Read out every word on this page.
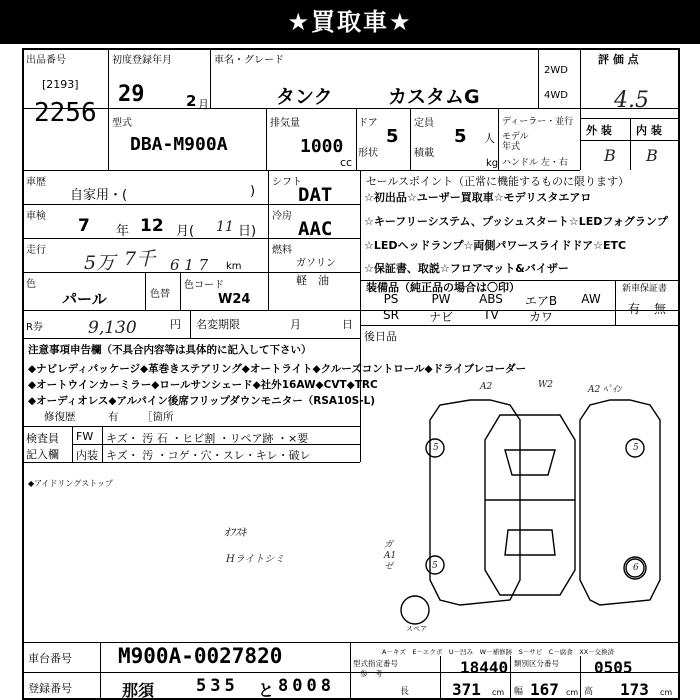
★買取車★
出品番号
[2193]
2256
初度登録年月
29	2 月
車名・グレード
タンク	カスタムG
2WD
4WD
評 価 点
4.5
型式
DBA-M900A
排気量
1000
cc
ドア
5
形状
定員
5 人
積載
kg
ディーラー・並行
モデル 年式
ハンドル 左・右
外 装 内 装
B B
車歴
自家用・(	)
シフト
DAT
セールスポイント（正常に機能するものに限ります）
☆初出品☆ユーザー買取車☆モデリスタエアロ
☆キーフリーシステム、プッシュスタート☆LEDフォグランプ
☆LEDヘッドランプ☆両側パワースライドドア☆ETC
☆保証書、取説☆フロアマット&バイザー
車検 7 年 12 月( 11 日)
冷房
AAC
走行
5万 7千 6 1 7 km
燃料
ガソリン
軽　油
色
パール	色替
色コード
W24
装備品（純正品の場合は〇印）
PS	PW	ABS	エアB	AW
SR	ナビ	TV	カワ
新車保証書
有 無
R券	9,130	円 名変期限	月	日
後日品
注意事項申告欄（不具合内容等は具体的に記入して下さい）
◆ナビレディパッケージ◆革巻きステアリング◆オートライト◆クルーズコントロール◆ドライブレコーダー
◆オートウインカーミラー◆ロールサンシェード◆社外16AW◆CVT◆TRC
◆オーディオレス◆アルパイン後席フリップダウンモニター（RSA10S-L)
修復歴	有 ［箇所
検査員
記入欄
FW キズ・ 汚 石 ・ヒビ割 ・リペア跡 ・×要
内装 キズ・ 汚 ・コゲ・穴・スレ・キレ・破レ
◆アイドリングストップ
ｵﾌｽｷ
Hライトシミ
ガ A1 ゼ
5
5
5
6
A2	W2	A2 ﾍﾟｲﾝ
スペア
A－キズ　E－エクボ　U－凹み　W－補修跡　S－サビ　C－腐食　XX－交換済
車台番号 M900A-0027820
登録番号	那須 535 と 8008
型式指定番号
参　考	18440 類別区分番号 0505
長	371 cm 幅 167 cm 高 173 cm
